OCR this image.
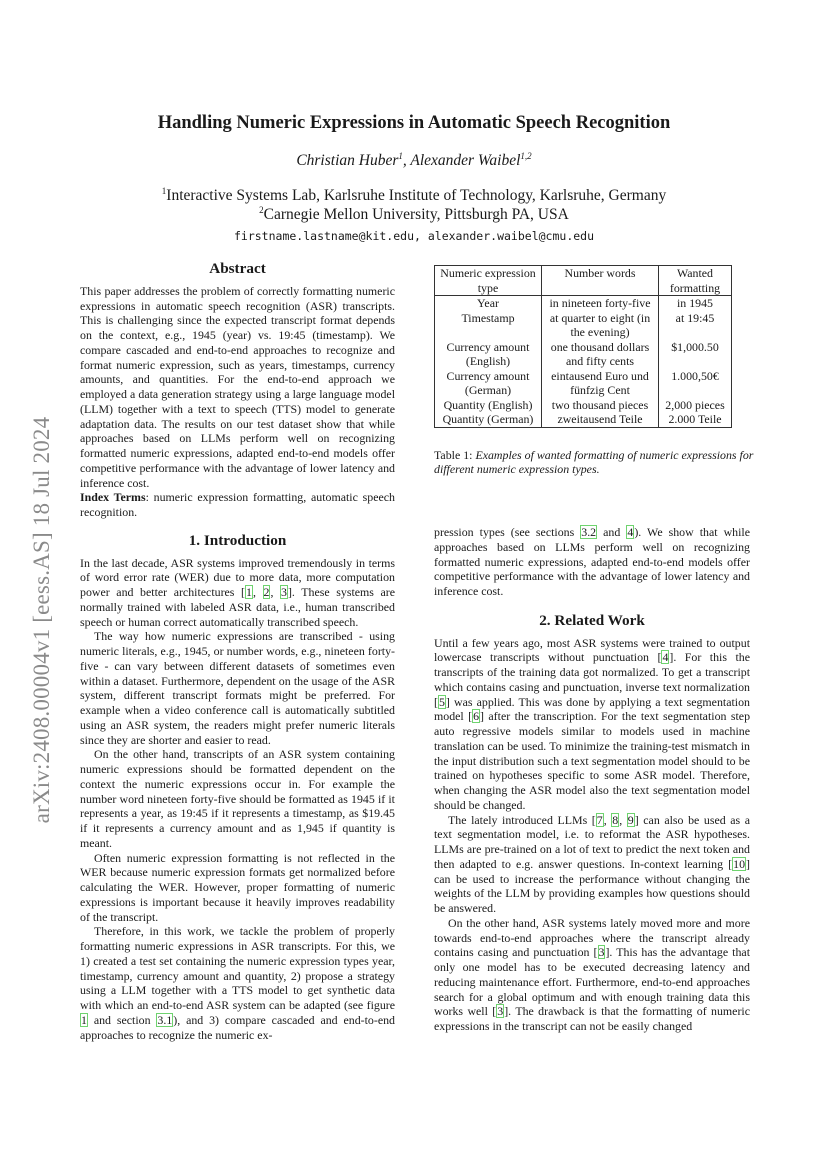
arXiv:2408.00004v1 [eess.AS] 18 Jul 2024
Handling Numeric Expressions in Automatic Speech Recognition
Christian Huber$^1$, Alexander Waibel$^{1,2}$
$^1$Interactive Systems Lab, Karlsruhe Institute of Technology, Karlsruhe, Germany
$^2$Carnegie Mellon University, Pittsburgh PA, USA
firstname.lastname@kit.edu, alexander.waibel@cmu.edu
Abstract

This paper addresses the problem of correctly formatting numeric expressions in automatic speech recognition (ASR) transcripts. This is challenging since the expected transcript format depends on the context, e.g., 1945 (year) vs. 19:45 (timestamp). We compare cascaded and end-to-end approaches to recognize and format numeric expression, such as years, timestamps, currency amounts, and quantities. For the end-to-end approach we employed a data generation strategy using a large language model (LLM) together with a text to speech (TTS) model to generate adaptation data. The results on our test dataset show that while approaches based on LLMs perform well on recognizing formatted numeric expressions, adapted end-to-end models offer competitive performance with the advantage of lower latency and inference cost.

Index Terms: numeric expression formatting, automatic speech recognition.

1. Introduction

In the last decade, ASR systems improved tremendously in terms of word error rate (WER) due to more data, more computation power and better architectures [1, 2, 3]. These systems are normally trained with labeled ASR data, i.e., human transcribed speech or human correct automatically transcribed speech.

The way how numeric expressions are transcribed - using numeric literals, e.g., 1945, or number words, e.g., nineteen forty-five - can vary between different datasets of sometimes even within a dataset. Furthermore, dependent on the usage of the ASR system, different transcript formats might be preferred. For example when a video conference call is automatically subtitled using an ASR system, the readers might prefer numeric literals since they are shorter and easier to read.

On the other hand, transcripts of an ASR system containing numeric expressions should be formatted dependent on the context the numeric expressions occur in. For example the number word nineteen forty-five should be formatted as 1945 if it represents a year, as 19:45 if it represents a timestamp, as $19.45 if it represents a currency amount and as 1,945 if quantity is meant.

Often numeric expression formatting is not reflected in the WER because numeric expression formats get normalized before calculating the WER. However, proper formatting of numeric expressions is important because it heavily improves readability of the transcript.

Therefore, in this work, we tackle the problem of properly formatting numeric expressions in ASR transcripts. For this, we 1) created a test set containing the numeric expression types year, timestamp, currency amount and quantity, 2) propose a strategy using a LLM together with a TTS model to get synthetic data with which an end-to-end ASR system can be adapted (see figure 1 and section 3.1), and 3) compare cascaded and end-to-end approaches to recognize the numeric ex-

Numeric expression type	Number words	Wanted formatting
Year	in nineteen forty-five	in 1945
Timestamp	at quarter to eight (in the evening)	at 19:45
Currency amount (English)	one thousand dollars and fifty cents	$1,000.50
Currency amount (German)	eintausend Euro und fünfzig Cent	1.000,50€
Quantity (English)	two thousand pieces	2,000 pieces
Quantity (German)	zweitausend Teile	2.000 Teile
Table 1: Examples of wanted formatting of numeric expressions for different numeric expression types.

pression types (see sections 3.2 and 4). We show that while approaches based on LLMs perform well on recognizing formatted numeric expressions, adapted end-to-end models offer competitive performance with the advantage of lower latency and inference cost.

2. Related Work

Until a few years ago, most ASR systems were trained to output lowercase transcripts without punctuation [4]. For this the transcripts of the training data got normalized. To get a transcript which contains casing and punctuation, inverse text normalization [5] was applied. This was done by applying a text segmentation model [6] after the transcription. For the text segmentation step auto regressive models similar to models used in machine translation can be used. To minimize the training-test mismatch in the input distribution such a text segmentation model should to be trained on hypotheses specific to some ASR model. Therefore, when changing the ASR model also the text segmentation model should be changed.

The lately introduced LLMs [7, 8, 9] can also be used as a text segmentation model, i.e. to reformat the ASR hypotheses. LLMs are pre-trained on a lot of text to predict the next token and then adapted to e.g. answer questions. In-context learning [10] can be used to increase the performance without changing the weights of the LLM by providing examples how questions should be answered.

On the other hand, ASR systems lately moved more and more towards end-to-end approaches where the transcript already contains casing and punctuation [3]. This has the advantage that only one model has to be executed decreasing latency and reducing maintenance effort. Furthermore, end-to-end approaches search for a global optimum and with enough training data this works well [3]. The drawback is that the formatting of numeric expressions in the transcript can not be easily changed
